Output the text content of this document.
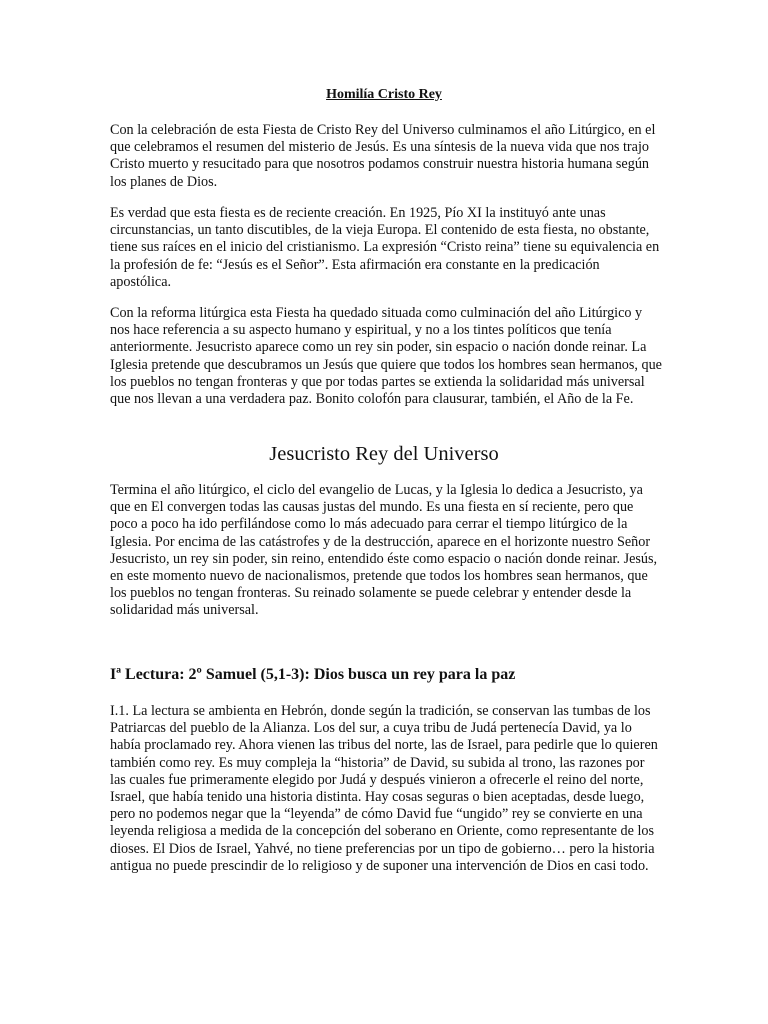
Homilía Cristo Rey

Con la celebración de esta Fiesta de Cristo Rey del Universo culminamos el año Litúrgico, en el que celebramos el resumen del misterio de Jesús. Es una síntesis de la nueva vida que nos trajo Cristo muerto y resucitado para que nosotros podamos construir nuestra historia humana según los planes de Dios.

Es verdad que esta fiesta es de reciente creación. En 1925, Pío XI la instituyó ante unas circunstancias, un tanto discutibles, de la vieja Europa. El contenido de esta fiesta, no obstante, tiene sus raíces en el inicio del cristianismo. La expresión “Cristo reina” tiene su equivalencia en la profesión de fe: “Jesús es el Señor”. Esta afirmación era constante en la predicación apostólica.

Con la reforma litúrgica esta Fiesta ha quedado situada como culminación del año Litúrgico y nos hace referencia a su aspecto humano y espiritual, y no a los tintes políticos que tenía anteriormente. Jesucristo aparece como un rey sin poder, sin espacio o nación donde reinar. La Iglesia pretende que descubramos un Jesús que quiere que todos los hombres sean hermanos, que los pueblos no tengan fronteras y que por todas partes se extienda la solidaridad más universal que nos llevan a una verdadera paz. Bonito colofón para clausurar, también, el Año de la Fe.

Jesucristo Rey del Universo

Termina el año litúrgico, el ciclo del evangelio de Lucas, y la Iglesia lo dedica a Jesucristo, ya que en El convergen todas las causas justas del mundo. Es una fiesta en sí reciente, pero que poco a poco ha ido perfilándose como lo más adecuado para cerrar el tiempo litúrgico de la Iglesia. Por encima de las catástrofes y de la destrucción, aparece en el horizonte nuestro Señor Jesucristo, un rey sin poder, sin reino, entendido éste como espacio o nación donde reinar. Jesús, en este momento nuevo de nacionalismos, pretende que todos los hombres sean hermanos, que los pueblos no tengan fronteras. Su reinado solamente se puede celebrar y entender desde la solidaridad más universal.

Iª Lectura: 2º Samuel (5,1-3): Dios busca un rey para la paz

I.1. La lectura se ambienta en Hebrón, donde según la tradición, se conservan las tumbas de los Patriarcas del pueblo de la Alianza. Los del sur, a cuya tribu de Judá pertenecía David, ya lo había proclamado rey. Ahora vienen las tribus del norte, las de Israel, para pedirle que lo quieren también como rey. Es muy compleja la “historia” de David, su subida al trono, las razones por las cuales fue primeramente elegido por Judá y después vinieron a ofrecerle el reino del norte, Israel, que había tenido una historia distinta. Hay cosas seguras o bien aceptadas, desde luego, pero no podemos negar que la “leyenda” de cómo David fue “ungido” rey se convierte en una leyenda religiosa a medida de la concepción del soberano en Oriente, como representante de los dioses. El Dios de Israel, Yahvé, no tiene preferencias por un tipo de gobierno… pero la historia antigua no puede prescindir de lo religioso y de suponer una intervención de Dios en casi todo.
